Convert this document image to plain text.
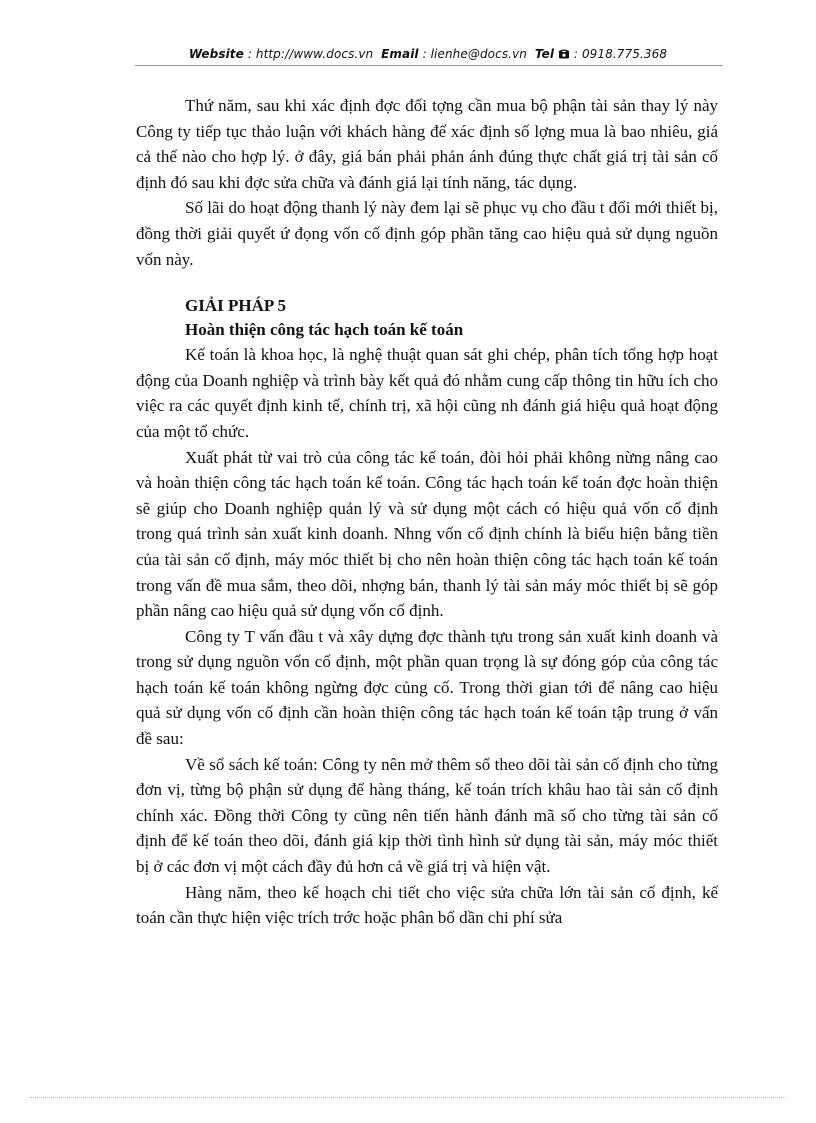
Website : http://www.docs.vn Email : lienhe@docs.vn Tel : 0918.775.368

Thứ năm, sau khi xác định đợc đối tợng cần mua bộ phận tài sản thay lý này Công ty tiếp tục thảo luận với khách hàng để xác định số lợng mua là bao nhiêu, giá cả thế nào cho hợp lý. ở đây, giá bán phải phản ánh đúng thực chất giá trị tài sản cố định đó sau khi đợc sửa chữa và đánh giá lại tính năng, tác dụng.

Số lãi do hoạt động thanh lý này đem lại sẽ phục vụ cho đầu t đổi mới thiết bị, đồng thời giải quyết ứ đọng vốn cố định góp phần tăng cao hiệu quả sử dụng nguồn vốn này.

GIẢI PHÁP 5
Hoàn thiện công tác hạch toán kế toán

Kế toán là khoa học, là nghệ thuật quan sát ghi chép, phân tích tổng hợp hoạt động của Doanh nghiệp và trình bày kết quả đó nhằm cung cấp thông tin hữu ích cho việc ra các quyết định kinh tế, chính trị, xã hội cũng nh đánh giá hiệu quả hoạt động của một tổ chức.

Xuất phát từ vai trò của công tác kế toán, đòi hỏi phải không nừng nâng cao và hoàn thiện công tác hạch toán kế toán. Công tác hạch toán kế toán đợc hoàn thiện sẽ giúp cho Doanh nghiệp quản lý và sử dụng một cách có hiệu quả vốn cố định trong quá trình sản xuất kinh doanh. Nhng vốn cố định chính là biểu hiện bằng tiền của tài sản cố định, máy móc thiết bị cho nên hoàn thiện công tác hạch toán kế toán trong vấn đề mua sắm, theo dõi, nhợng bán, thanh lý tài sản máy móc thiết bị sẽ góp phần nâng cao hiệu quả sử dụng vốn cố định.

Công ty T vấn đầu t và xây dựng đợc thành tựu trong sản xuất kinh doanh và trong sử dụng nguồn vốn cố định, một phần quan trọng là sự đóng góp của công tác hạch toán kế toán không ngừng đợc củng cố. Trong thời gian tới để nâng cao hiệu quả sử dụng vốn cố định cần hoàn thiện công tác hạch toán kế toán tập trung ở vấn đề sau:

Về sổ sách kế toán: Công ty nên mở thêm sổ theo dõi tài sản cố định cho từng đơn vị, từng bộ phận sử dụng để hàng tháng, kế toán trích khâu hao tài sản cố định chính xác. Đồng thời Công ty cũng nên tiến hành đánh mã số cho từng tài sản cố định để kế toán theo dõi, đánh giá kịp thời tình hình sử dụng tài sản, máy móc thiết bị ở các đơn vị một cách đầy đủ hơn cả về giá trị và hiện vật.

Hàng năm, theo kế hoạch chi tiết cho việc sửa chữa lớn tài sản cố định, kế toán cần thực hiện việc trích trớc hoặc phân bổ dần chi phí sửa
